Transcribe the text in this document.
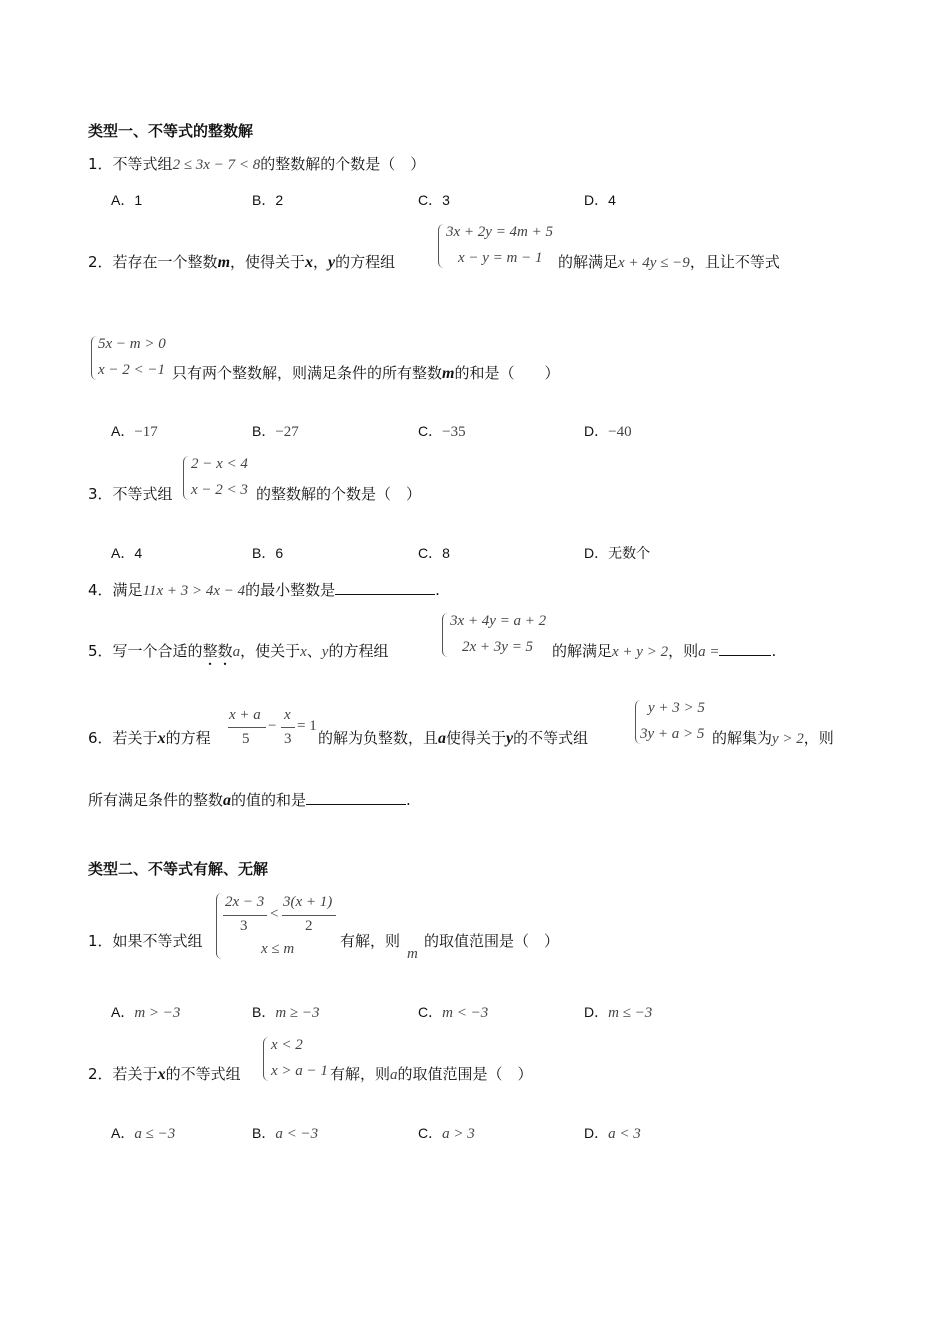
类型一、不等式的整数解
1．不等式组2 ≤ 3x − 7 < 8的整数解的个数是（　）
A．1	B．2	C．3	D．4
2．若存在一个整数m，使得关于x，y的方程组
3x + 2y = 4m + 5
x − y = m − 1 的解满足x + 4y ≤ −9，且让不等式
5x − m > 0
x − 2 < −1 只有两个整数解，则满足条件的所有整数m的和是（　　）
A．−17	B．−27	C．−35	D．−40
3．不等式组
2 − x < 4
x − 2 < 3 的整数解的个数是（　）
A．4	B．6	C．8	D．无数个
4．满足11x + 3 > 4x − 4的最小整数是	.
5．写一个合适的整数a，使关于x、y的方程组
3x + 4y = a + 2
2x + 3y = 5 的解满足x + y > 2，则a =	.
6．若关于x的方程
x + a
5
−
x
3
= 1
的解为负整数，且a使得关于y的不等式组
y + 3 > 5
3y + a > 5 的解集为y > 2，则
所有满足条件的整数a的值的和是	.
类型二、不等式有解、无解
1．如果不等式组
2x − 3
3
<
3(x + 1)
2
x ≤ m	有解，则
m
的取值范围是（　）
A．m > −3	B．m ≥ −3	C．m < −3	D．m ≤ −3
2．若关于x的不等式组
x < 2
x > a − 1 有解，则a的取值范围是（　）
A．a ≤ −3	B．a < −3	C．a > 3	D．a < 3
